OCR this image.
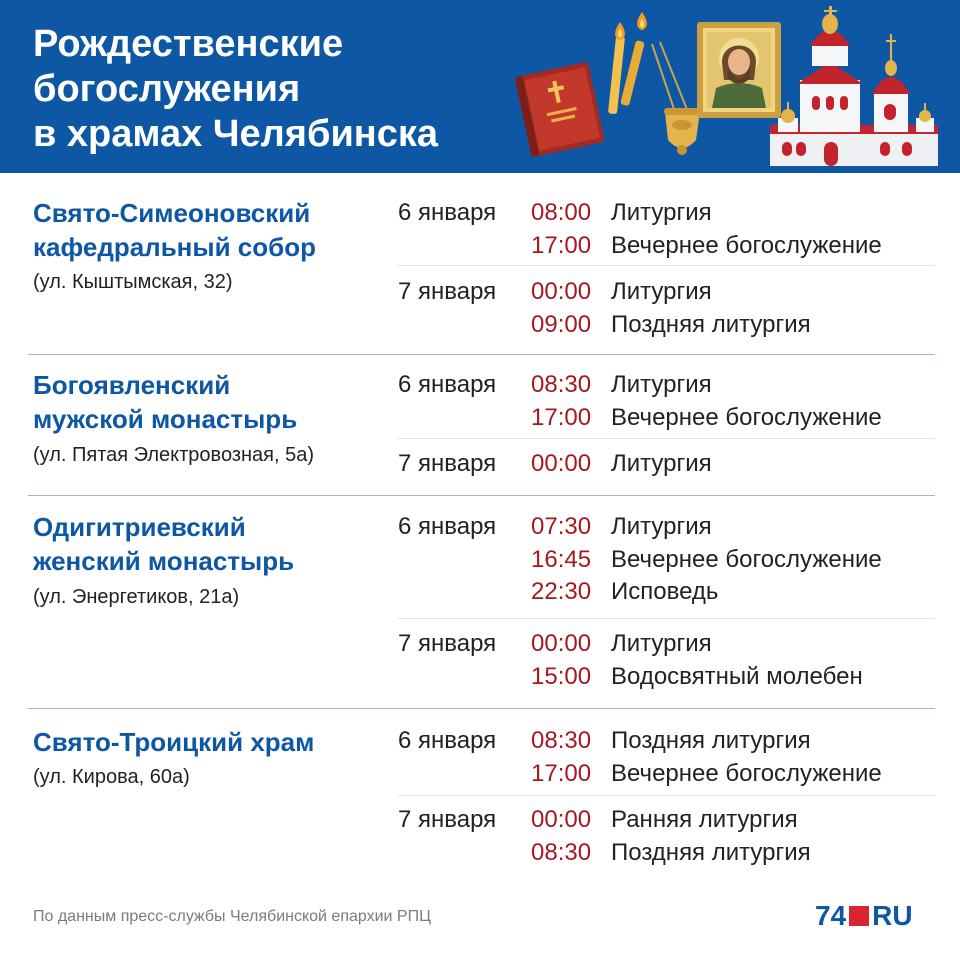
Рождественские
богослужения
в храмах Челябинска
Свято-Симеоновский
кафедральный собор
(ул. Кыштымская, 32)
6 января 08:00 Литургия
17:00 Вечернее богослужение
7 января 00:00 Литургия
09:00 Поздняя литургия
Богоявленский
мужской монастырь
(ул. Пятая Электровозная, 5а)
6 января 08:30 Литургия
17:00 Вечернее богослужение
7 января 00:00 Литургия
Одигитриевский
женский монастырь
(ул. Энергетиков, 21а)
6 января 07:30 Литургия
16:45 Вечернее богослужение
22:30 Исповедь
7 января 00:00 Литургия
15:00 Водосвятный молебен
Свято-Троицкий храм
(ул. Кирова, 60а)
6 января 08:30 Поздняя литургия
17:00 Вечернее богослужение
7 января 00:00 Ранняя литургия
08:30 Поздняя литургия
По данным пресс-службы Челябинской епархии РПЦ	74 RU
